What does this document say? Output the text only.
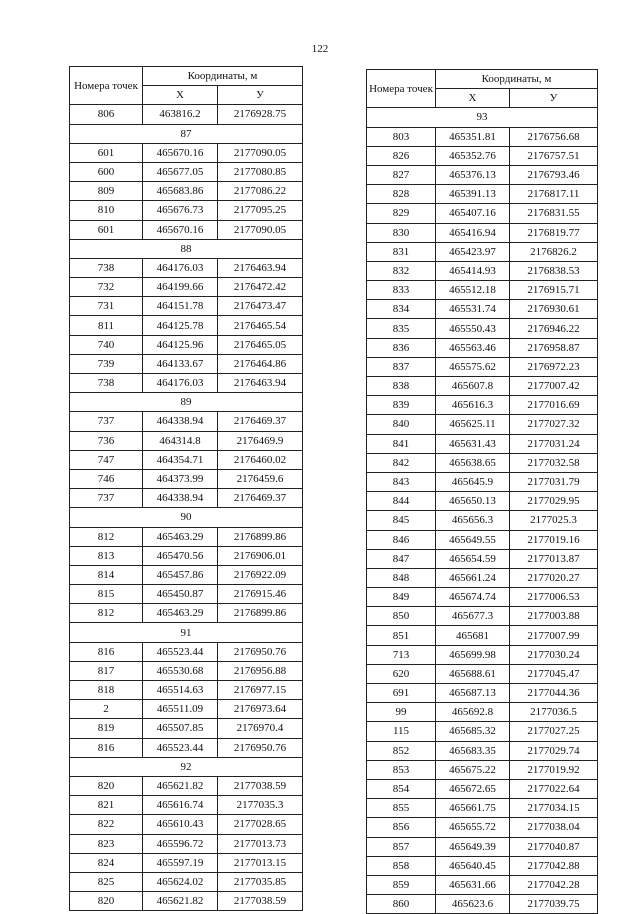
122
Номера точек	Координаты, м	
	X	У
806	463816.2	2176928.75
87		
601	465670.16	2177090.05
600	465677.05	2177080.85
809	465683.86	2177086.22
810	465676.73	2177095.25
601	465670.16	2177090.05
88		
738	464176.03	2176463.94
732	464199.66	2176472.42
731	464151.78	2176473.47
811	464125.78	2176465.54
740	464125.96	2176465.05
739	464133.67	2176464.86
738	464176.03	2176463.94
89		
737	464338.94	2176469.37
736	464314.8	2176469.9
747	464354.71	2176460.02
746	464373.99	2176459.6
737	464338.94	2176469.37
90		
812	465463.29	2176899.86
813	465470.56	2176906.01
814	465457.86	2176922.09
815	465450.87	2176915.46
812	465463.29	2176899.86
91		
816	465523.44	2176950.76
817	465530.68	2176956.88
818	465514.63	2176977.15
2	465511.09	2176973.64
819	465507.85	2176970.4
816	465523.44	2176950.76
92		
820	465621.82	2177038.59
821	465616.74	2177035.3
822	465610.43	2177028.65
823	465596.72	2177013.73
824	465597.19	2177013.15
825	465624.02	2177035.85
820	465621.82	2177038.59
Номера точек	Координаты, м	
	X	У
93		
803	465351.81	2176756.68
826	465352.76	2176757.51
827	465376.13	2176793.46
828	465391.13	2176817.11
829	465407.16	2176831.55
830	465416.94	2176819.77
831	465423.97	2176826.2
832	465414.93	2176838.53
833	465512.18	2176915.71
834	465531.74	2176930.61
835	465550.43	2176946.22
836	465563.46	2176958.87
837	465575.62	2176972.23
838	465607.8	2177007.42
839	465616.3	2177016.69
840	465625.11	2177027.32
841	465631.43	2177031.24
842	465638.65	2177032.58
843	465645.9	2177031.79
844	465650.13	2177029.95
845	465656.3	2177025.3
846	465649.55	2177019.16
847	465654.59	2177013.87
848	465661.24	2177020.27
849	465674.74	2177006.53
850	465677.3	2177003.88
851	465681	2177007.99
713	465699.98	2177030.24
620	465688.61	2177045.47
691	465687.13	2177044.36
99	465692.8	2177036.5
115	465685.32	2177027.25
852	465683.35	2177029.74
853	465675.22	2177019.92
854	465672.65	2177022.64
855	465661.75	2177034.15
856	465655.72	2177038.04
857	465649.39	2177040.87
858	465640.45	2177042.88
859	465631.66	2177042.28
860	465623.6	2177039.75
